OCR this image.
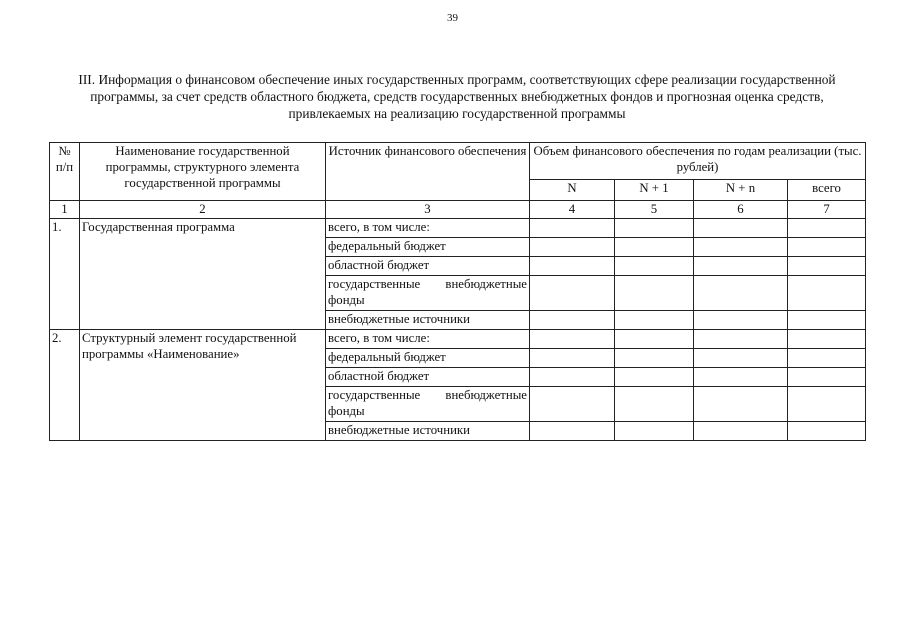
39
III. Информация о финансовом обеспечение иных государственных программ, соответствующих сфере реализации государственной программы, за счет средств областного бюджета, средств государственных внебюджетных фондов и прогнозная оценка средств, привлекаемых на реализацию государственной программы
№ п/п	Наименование государственной программы, структурного элемента государственной программы	Источник финансового обеспечения	Объем финансового обеспечения по годам реализации (тыс. рублей)			
			N	N + 1	N + n	всего
1	2	3	4	5	6	7
1.	Государственная программа	всего, в том числе:				
		федеральный бюджет				
		областной бюджет				
		государственные внебюджетные фонды				
		внебюджетные источники				
2.	Структурный элемент государственной программы «Наименование»	всего, в том числе:				
		федеральный бюджет				
		областной бюджет				
		государственные внебюджетные фонды				
		внебюджетные источники				
